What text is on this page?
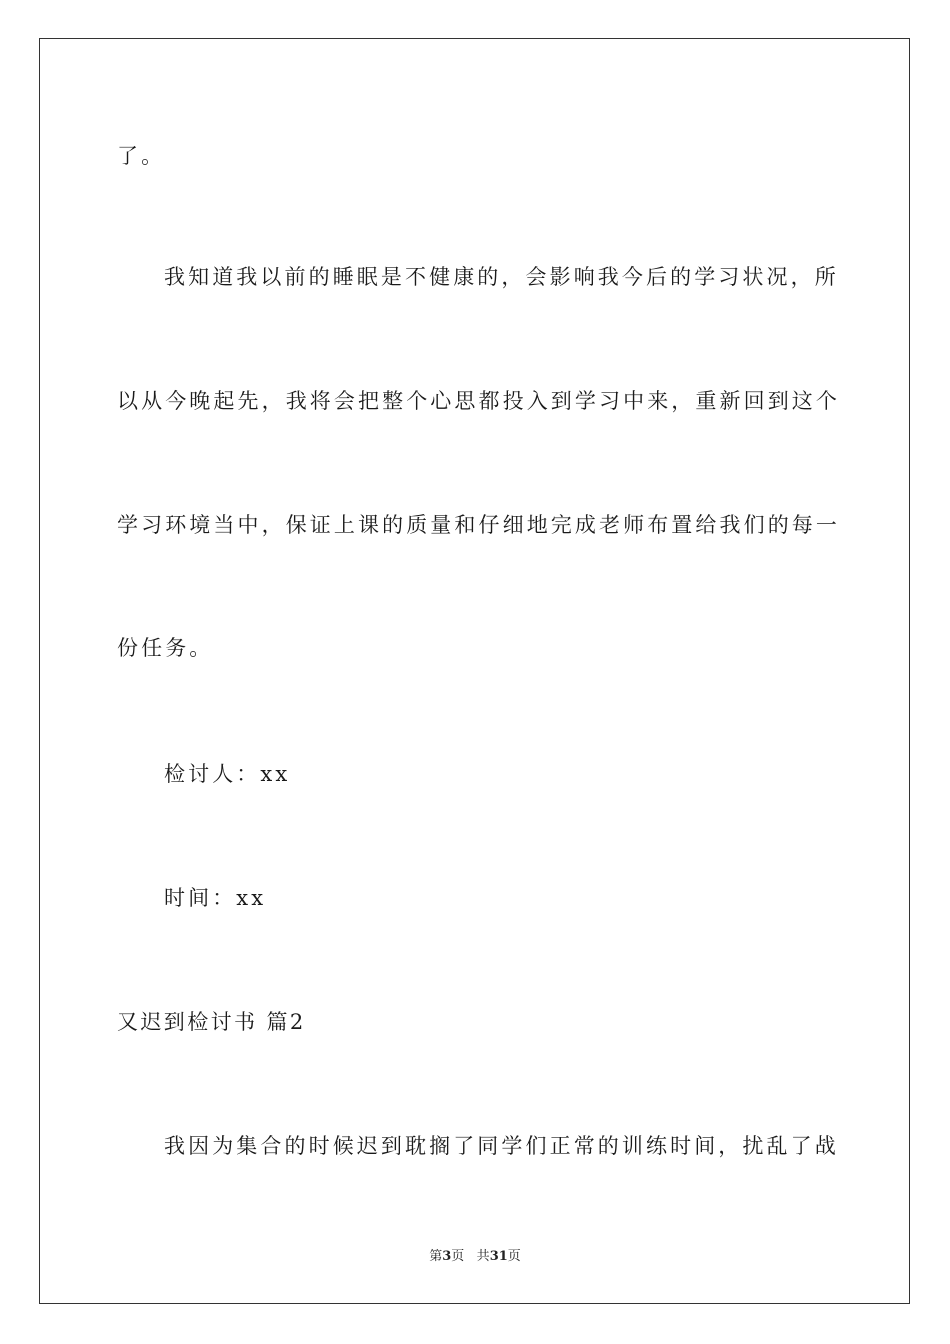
了。
我知道我以前的睡眠是不健康的，会影响我今后的学习状况，所
以从今晚起先，我将会把整个心思都投入到学习中来，重新回到这个
学习环境当中，保证上课的质量和仔细地完成老师布置给我们的每一
份任务。
检讨人：xx
时间：xx
又迟到检讨书 篇2
我因为集合的时候迟到耽搁了同学们正常的训练时间，扰乱了战
第3页 共31页
